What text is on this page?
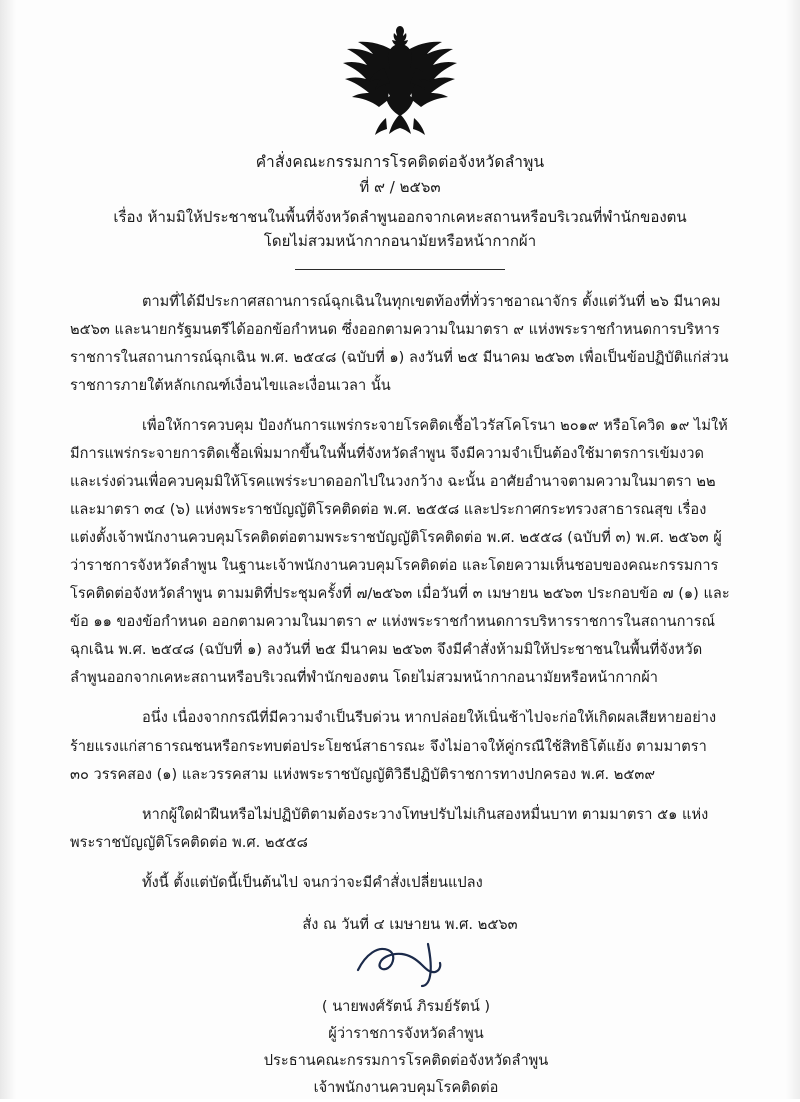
คำสั่งคณะกรรมการโรคติดต่อจังหวัดลำพูน
ที่ ๙ / ๒๕๖๓
เรื่อง ห้ามมิให้ประชาชนในพื้นที่จังหวัดลำพูนออกจากเคหะสถานหรือบริเวณที่พำนักของตน
โดยไม่สวมหน้ากากอนามัยหรือหน้ากากผ้า

ตามที่ได้มีประกาศสถานการณ์ฉุกเฉินในทุกเขตท้องที่ทั่วราชอาณาจักร ตั้งแต่วันที่ ๒๖ มีนาคม ๒๕๖๓ และนายกรัฐมนตรีได้ออกข้อกำหนด ซึ่งออกตามความในมาตรา ๙ แห่งพระราชกำหนดการบริหารราชการในสถานการณ์ฉุกเฉิน พ.ศ. ๒๕๔๘ (ฉบับที่ ๑) ลงวันที่ ๒๕ มีนาคม ๒๕๖๓ เพื่อเป็นข้อปฏิบัติแก่ส่วนราชการภายใต้หลักเกณฑ์เงื่อนไขและเงื่อนเวลา นั้น

เพื่อให้การควบคุม ป้องกันการแพร่กระจายโรคติดเชื้อไวรัสโคโรนา ๒๐๑๙ หรือโควิด ๑๙ ไม่ให้มีการแพร่กระจายการติดเชื้อเพิ่มมากขึ้นในพื้นที่จังหวัดลำพูน จึงมีความจำเป็นต้องใช้มาตรการเข้มงวดและเร่งด่วนเพื่อควบคุมมิให้โรคแพร่ระบาดออกไปในวงกว้าง ฉะนั้น อาศัยอำนาจตามความในมาตรา ๒๒ และมาตรา ๓๔ (๖) แห่งพระราชบัญญัติโรคติดต่อ พ.ศ. ๒๕๕๘ และประกาศกระทรวงสาธารณสุข เรื่อง แต่งตั้งเจ้าพนักงานควบคุมโรคติดต่อตามพระราชบัญญัติโรคติดต่อ พ.ศ. ๒๕๕๘ (ฉบับที่ ๓) พ.ศ. ๒๕๖๓ ผู้ว่าราชการจังหวัดลำพูน ในฐานะเจ้าพนักงานควบคุมโรคติดต่อ และโดยความเห็นชอบของคณะกรรมการโรคติดต่อจังหวัดลำพูน ตามมติที่ประชุมครั้งที่ ๗/๒๕๖๓ เมื่อวันที่ ๓ เมษายน ๒๕๖๓ ประกอบข้อ ๗ (๑) และข้อ ๑๑ ของข้อกำหนด ออกตามความในมาตรา ๙ แห่งพระราชกำหนดการบริหารราชการในสถานการณ์ฉุกเฉิน พ.ศ. ๒๕๔๘ (ฉบับที่ ๑) ลงวันที่ ๒๕ มีนาคม ๒๕๖๓ จึงมีคำสั่งห้ามมิให้ประชาชนในพื้นที่จังหวัดลำพูนออกจากเคหะสถานหรือบริเวณที่พำนักของตน โดยไม่สวมหน้ากากอนามัยหรือหน้ากากผ้า

อนึ่ง เนื่องจากกรณีที่มีความจำเป็นรีบด่วน หากปล่อยให้เนิ่นช้าไปจะก่อให้เกิดผลเสียหายอย่างร้ายแรงแก่สาธารณชนหรือกระทบต่อประโยชน์สาธารณะ จึงไม่อาจให้คู่กรณีใช้สิทธิโต้แย้ง ตามมาตรา ๓๐ วรรคสอง (๑) และวรรคสาม แห่งพระราชบัญญัติวิธีปฏิบัติราชการทางปกครอง พ.ศ. ๒๕๓๙

หากผู้ใดฝ่าฝืนหรือไม่ปฏิบัติตามต้องระวางโทษปรับไม่เกินสองหมื่นบาท ตามมาตรา ๕๑ แห่งพระราชบัญญัติโรคติดต่อ พ.ศ. ๒๕๕๘

ทั้งนี้ ตั้งแต่บัดนี้เป็นต้นไป จนกว่าจะมีคำสั่งเปลี่ยนแปลง

สั่ง ณ วันที่ ๔ เมษายน พ.ศ. ๒๕๖๓
( นายพงศ์รัตน์ ภิรมย์รัตน์ )
ผู้ว่าราชการจังหวัดลำพูน
ประธานคณะกรรมการโรคติดต่อจังหวัดลำพูน
เจ้าพนักงานควบคุมโรคติดต่อ
